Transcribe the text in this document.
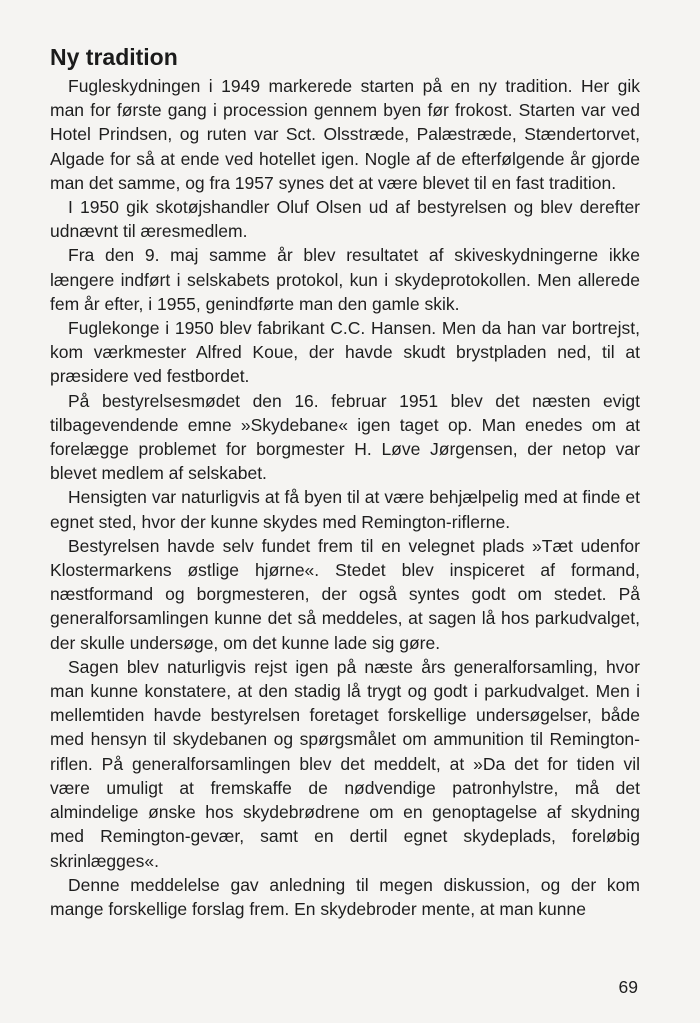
Ny tradition

Fugleskydningen i 1949 markerede starten på en ny tradition. Her gik man for første gang i procession gennem byen før frokost. Starten var ved Hotel Prindsen, og ruten var Sct. Olsstræde, Palæstræde, Stændertorvet, Algade for så at ende ved hotellet igen. Nogle af de efterfølgende år gjorde man det samme, og fra 1957 synes det at være blevet til en fast tradition.

I 1950 gik skotøjshandler Oluf Olsen ud af bestyrelsen og blev derefter udnævnt til æresmedlem.

Fra den 9. maj samme år blev resultatet af skiveskydningerne ikke længere indført i selskabets protokol, kun i skydeprotokollen. Men allerede fem år efter, i 1955, genindførte man den gamle skik.

Fuglekonge i 1950 blev fabrikant C.C. Hansen. Men da han var bortrejst, kom værkmester Alfred Koue, der havde skudt brystpladen ned, til at præsidere ved festbordet.

På bestyrelsesmødet den 16. februar 1951 blev det næsten evigt tilbagevendende emne »Skydebane« igen taget op. Man enedes om at forelægge problemet for borgmester H. Løve Jørgensen, der netop var blevet medlem af selskabet.

Hensigten var naturligvis at få byen til at være behjælpelig med at finde et egnet sted, hvor der kunne skydes med Remington-riflerne.

Bestyrelsen havde selv fundet frem til en velegnet plads »Tæt udenfor Klostermarkens østlige hjørne«. Stedet blev inspiceret af formand, næstformand og borgmesteren, der også syntes godt om stedet. På generalforsamlingen kunne det så meddeles, at sagen lå hos parkudvalget, der skulle undersøge, om det kunne lade sig gøre.

Sagen blev naturligvis rejst igen på næste års generalforsamling, hvor man kunne konstatere, at den stadig lå trygt og godt i parkudvalget. Men i mellemtiden havde bestyrelsen foretaget forskellige undersøgelser, både med hensyn til skydebanen og spørgsmålet om ammunition til Remington-riflen. På generalforsamlingen blev det meddelt, at »Da det for tiden vil være umuligt at fremskaffe de nødvendige patronhylstre, må det almindelige ønske hos skydebrødrene om en genoptagelse af skydning med Remington-gevær, samt en dertil egnet skydeplads, foreløbig skrinlægges«.

Denne meddelelse gav anledning til megen diskussion, og der kom mange forskellige forslag frem. En skydebroder mente, at man kunne

69
